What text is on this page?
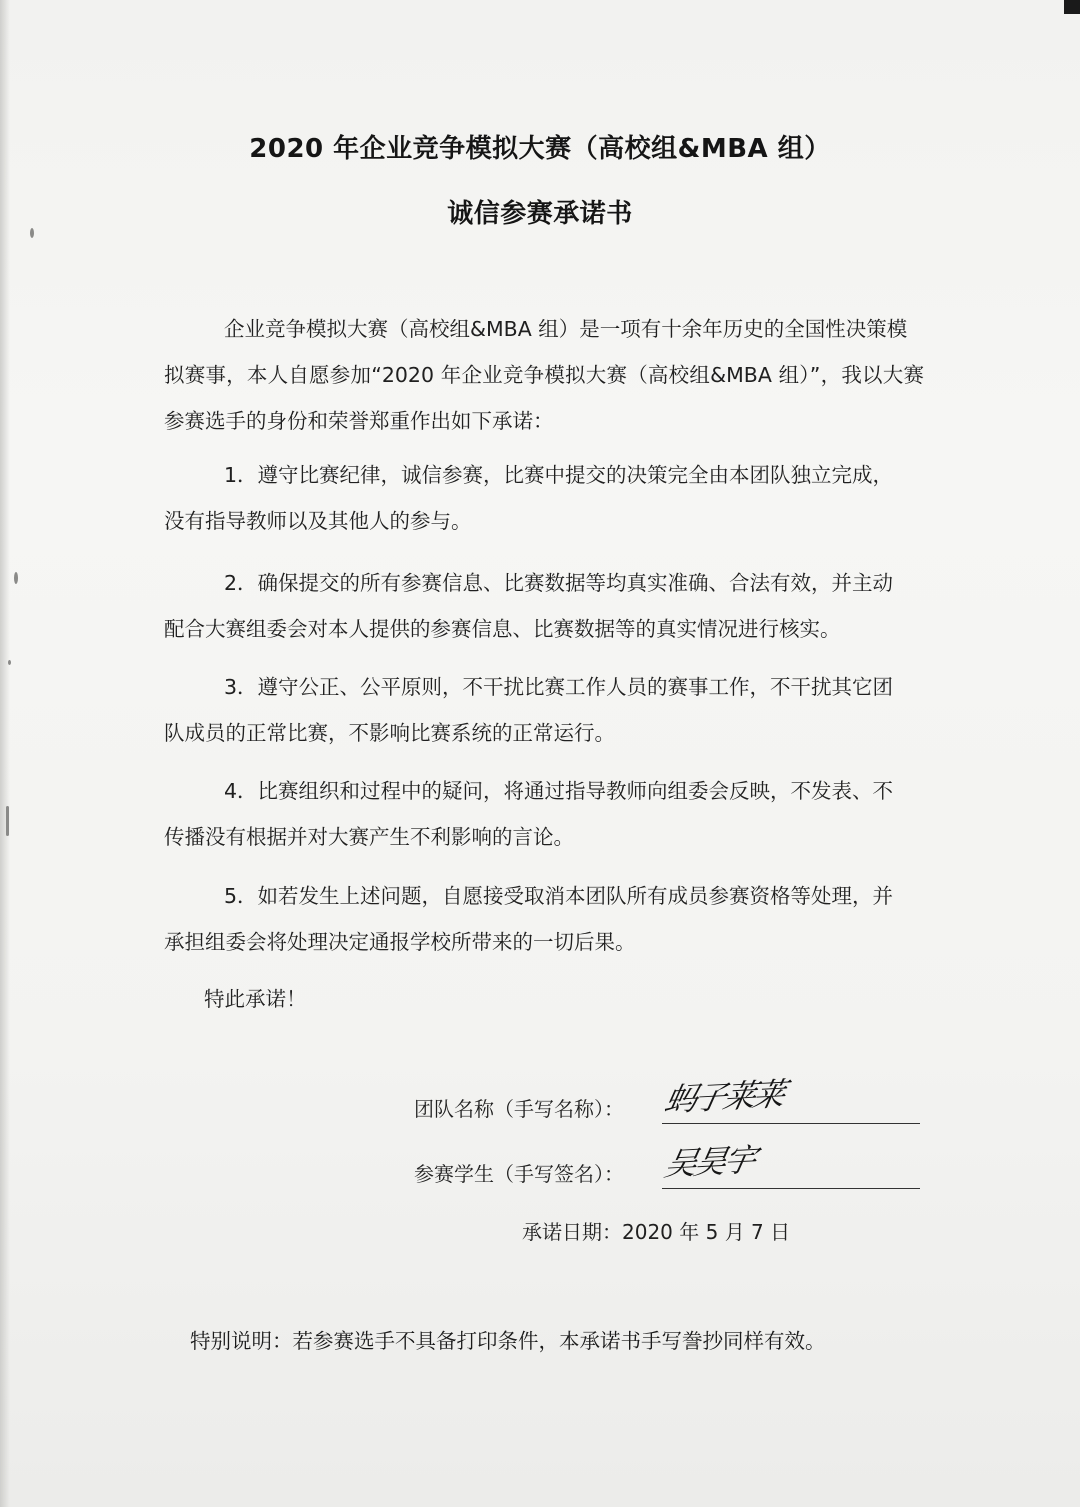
2020 年企业竞争模拟大赛（高校组&MBA 组）
诚信参赛承诺书
企业竞争模拟大赛（高校组&MBA 组）是一项有十余年历史的全国性决策模
拟赛事，本人自愿参加“2020 年企业竞争模拟大赛（高校组&MBA 组）”，我以大赛参赛选手的身份和荣誉郑重作出如下承诺：
1．遵守比赛纪律，诚信参赛，比赛中提交的决策完全由本团队独立完成，
没有指导教师以及其他人的参与。
2．确保提交的所有参赛信息、比赛数据等均真实准确、合法有效，并主动
配合大赛组委会对本人提供的参赛信息、比赛数据等的真实情况进行核实。
3．遵守公正、公平原则，不干扰比赛工作人员的赛事工作，不干扰其它团
队成员的正常比赛，不影响比赛系统的正常运行。
4．比赛组织和过程中的疑问，将通过指导教师向组委会反映，不发表、不
传播没有根据并对大赛产生不利影响的言论。
5．如若发生上述问题，自愿接受取消本团队所有成员参赛资格等处理，并
承担组委会将处理决定通报学校所带来的一切后果。
特此承诺！
团队名称（手写名称）： 蚂子莱莱
参赛学生（手写签名）： 吴昊宇
承诺日期：2020 年 5 月 7 日
特别说明：若参赛选手不具备打印条件，本承诺书手写誊抄同样有效。
